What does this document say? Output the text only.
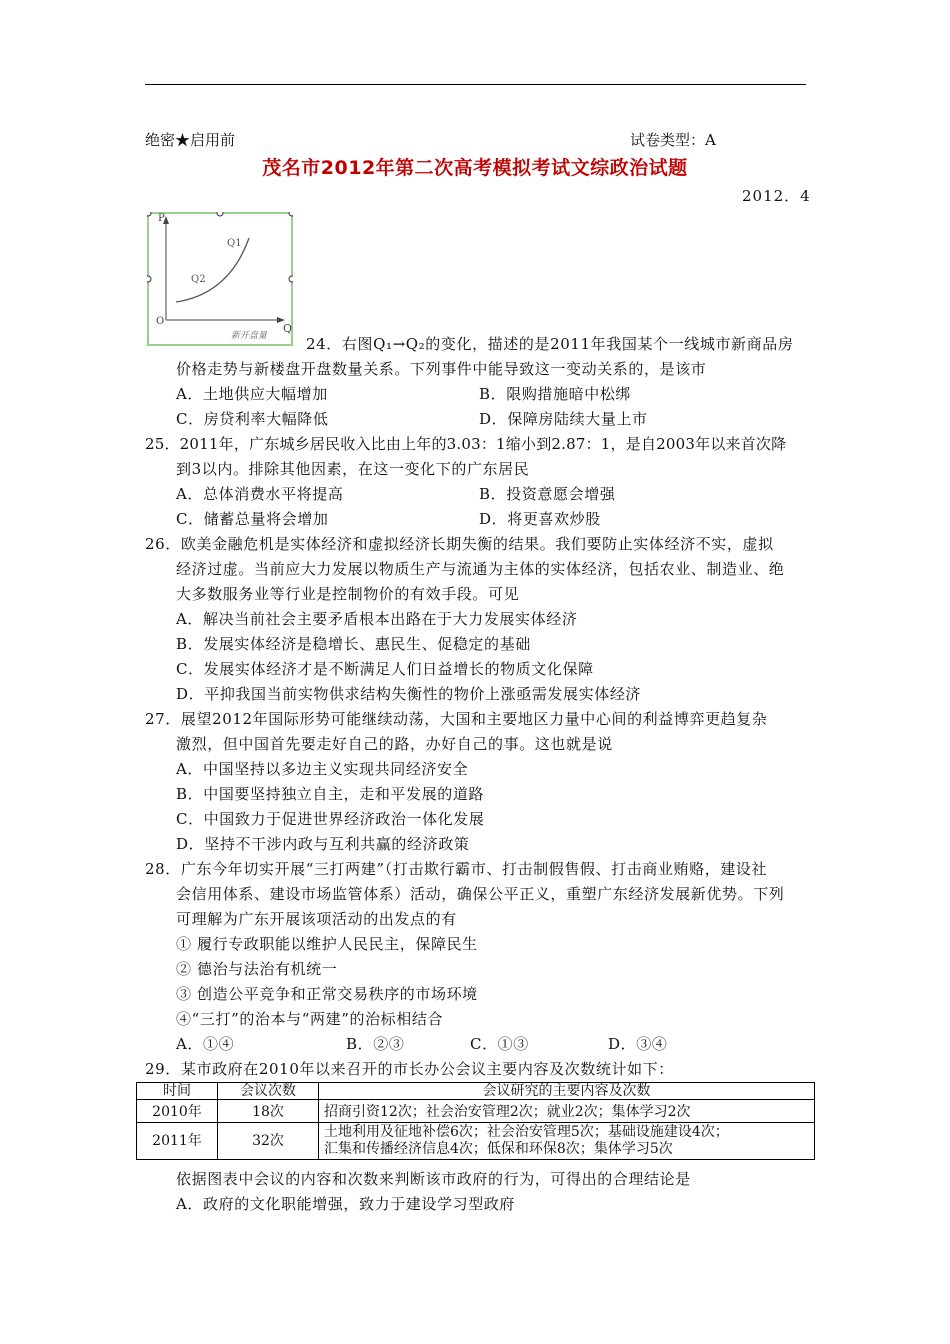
绝密★启用前	试卷类型：A
茂名市2012年第二次高考模拟考试文综政治试题
2012．4
P
Q
O
Q1
Q2
新开盘量	24．右图Q₁→Q₂的变化，描述的是2011年我国某个一线城市新商品房
价格走势与新楼盘开盘数量关系。下列事件中能导致这一变动关系的，是该市
A．土地供应大幅增加	B．限购措施暗中松绑
C．房贷利率大幅降低	D．保障房陆续大量上市
25．2011年，广东城乡居民收入比由上年的3.03：1缩小到2.87：1，是自2003年以来首次降
到3以内。排除其他因素，在这一变化下的广东居民
A．总体消费水平将提高	B．投资意愿会增强
C．储蓄总量将会增加	D．将更喜欢炒股
26．欧美金融危机是实体经济和虚拟经济长期失衡的结果。我们要防止实体经济不实，虚拟
经济过虚。当前应大力发展以物质生产与流通为主体的实体经济，包括农业、制造业、绝
大多数服务业等行业是控制物价的有效手段。可见
A．解决当前社会主要矛盾根本出路在于大力发展实体经济
B．发展实体经济是稳增长、惠民生、促稳定的基础
C．发展实体经济才是不断满足人们日益增长的物质文化保障
D．平抑我国当前实物供求结构失衡性的物价上涨亟需发展实体经济
27．展望2012年国际形势可能继续动荡，大国和主要地区力量中心间的利益博弈更趋复杂
激烈，但中国首先要走好自己的路，办好自己的事。这也就是说
A．中国坚持以多边主义实现共同经济安全
B．中国要坚持独立自主，走和平发展的道路
C．中国致力于促进世界经济政治一体化发展
D．坚持不干涉内政与互利共赢的经济政策
28．广东今年切实开展“三打两建”（打击欺行霸市、打击制假售假、打击商业贿赂，建设社
会信用体系、建设市场监管体系）活动，确保公平正义，重塑广东经济发展新优势。下列
可理解为广东开展该项活动的出发点的有
① 履行专政职能以维护人民民主，保障民生
② 德治与法治有机统一
③ 创造公平竞争和正常交易秩序的市场环境
④“三打”的治本与“两建”的治标相结合
A．①④	B．②③	C．①③	D．③④
29．某市政府在2010年以来召开的市长办公会议主要内容及次数统计如下：
时间	会议次数	会议研究的主要内容及次数
2010年	18次	招商引资12次；社会治安管理2次；就业2次；集体学习2次
2011年	32次	土地利用及征地补偿6次；社会治安管理5次；基础设施建设4次；
汇集和传播经济信息4次；低保和环保8次；集体学习5次
依据图表中会议的内容和次数来判断该市政府的行为，可得出的合理结论是
A．政府的文化职能增强，致力于建设学习型政府
